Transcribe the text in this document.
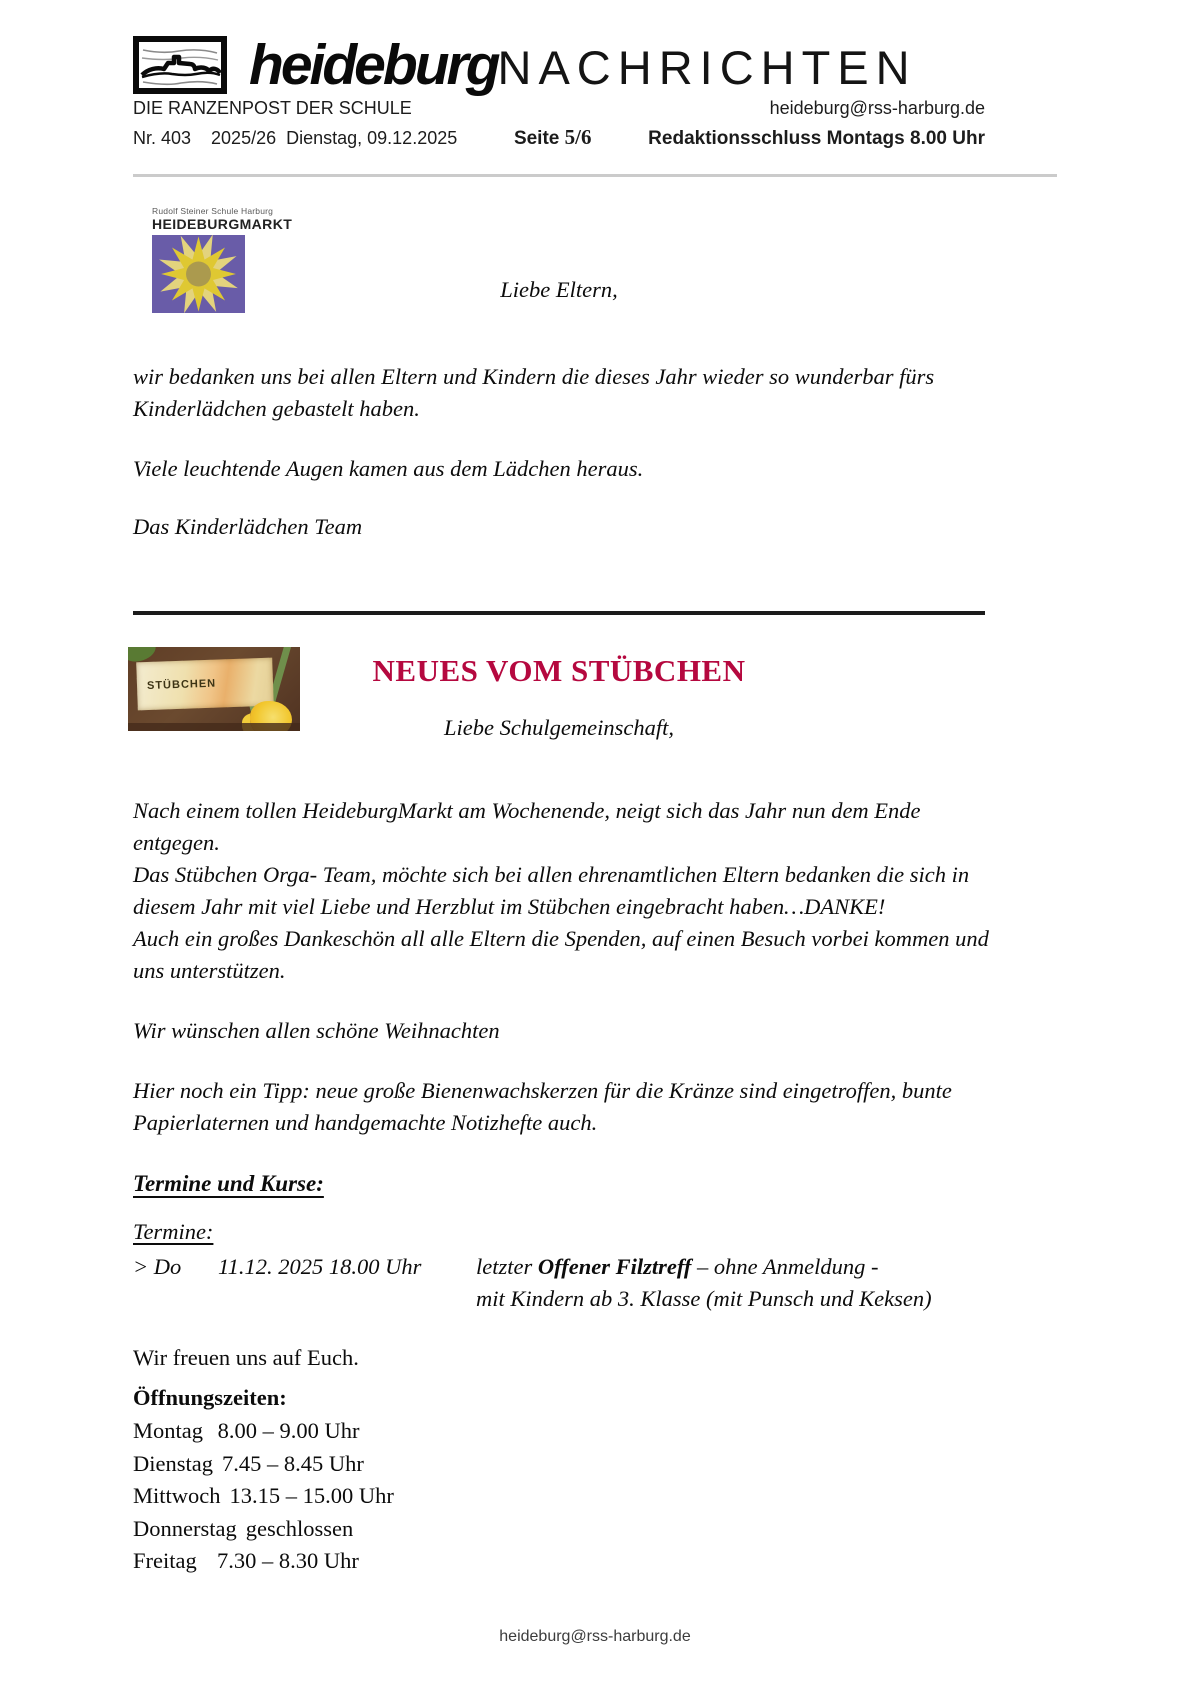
heideburg NACHRICHTEN
DIE RANZENPOST DER SCHULE	heideburg@rss-harburg.de
Nr. 403    2025/26  Dienstag, 09.12.2025	Seite 5/6	Redaktionsschluss Montags 8.00 Uhr
Rudolf Steiner Schule Harburg
HEIDEBURGMARKT
STÜBCHEN
Liebe Eltern,
wir bedanken uns bei allen Eltern und Kindern die dieses Jahr wieder so wunderbar fürs Kinderlädchen gebastelt haben.
Viele leuchtende Augen kamen aus dem Lädchen heraus.
Das Kinderlädchen Team
NEUES VOM STÜBCHEN
Liebe Schulgemeinschaft,
Nach einem tollen HeideburgMarkt am Wochenende, neigt sich das Jahr nun dem Ende entgegen.
Das Stübchen Orga- Team, möchte sich bei allen ehrenamtlichen Eltern bedanken die sich in diesem Jahr mit viel Liebe und Herzblut im Stübchen eingebracht haben…DANKE!
Auch ein großes Dankeschön all alle Eltern die Spenden, auf einen Besuch vorbei kommen und uns unterstützen.
Wir wünschen allen schöne Weihnachten
Hier noch ein Tipp: neue große Bienenwachskerzen für die Kränze sind eingetroffen, bunte Papierlaternen und handgemachte Notizhefte auch.
Termine und Kurse:
Termine:
> Do	11.12. 2025 18.00 Uhr	letzter Offener Filztreff – ohne Anmeldung -
mit Kindern ab 3. Klasse (mit Punsch und Keksen)
Wir freuen uns auf Euch.
Öffnungszeiten:
Montag 8.00 – 9.00 Uhr
Dienstag 7.45 – 8.45 Uhr
Mittwoch 13.15 – 15.00 Uhr
Donnerstag geschlossen
Freitag  7.30 – 8.30 Uhr
heideburg@rss-harburg.de
